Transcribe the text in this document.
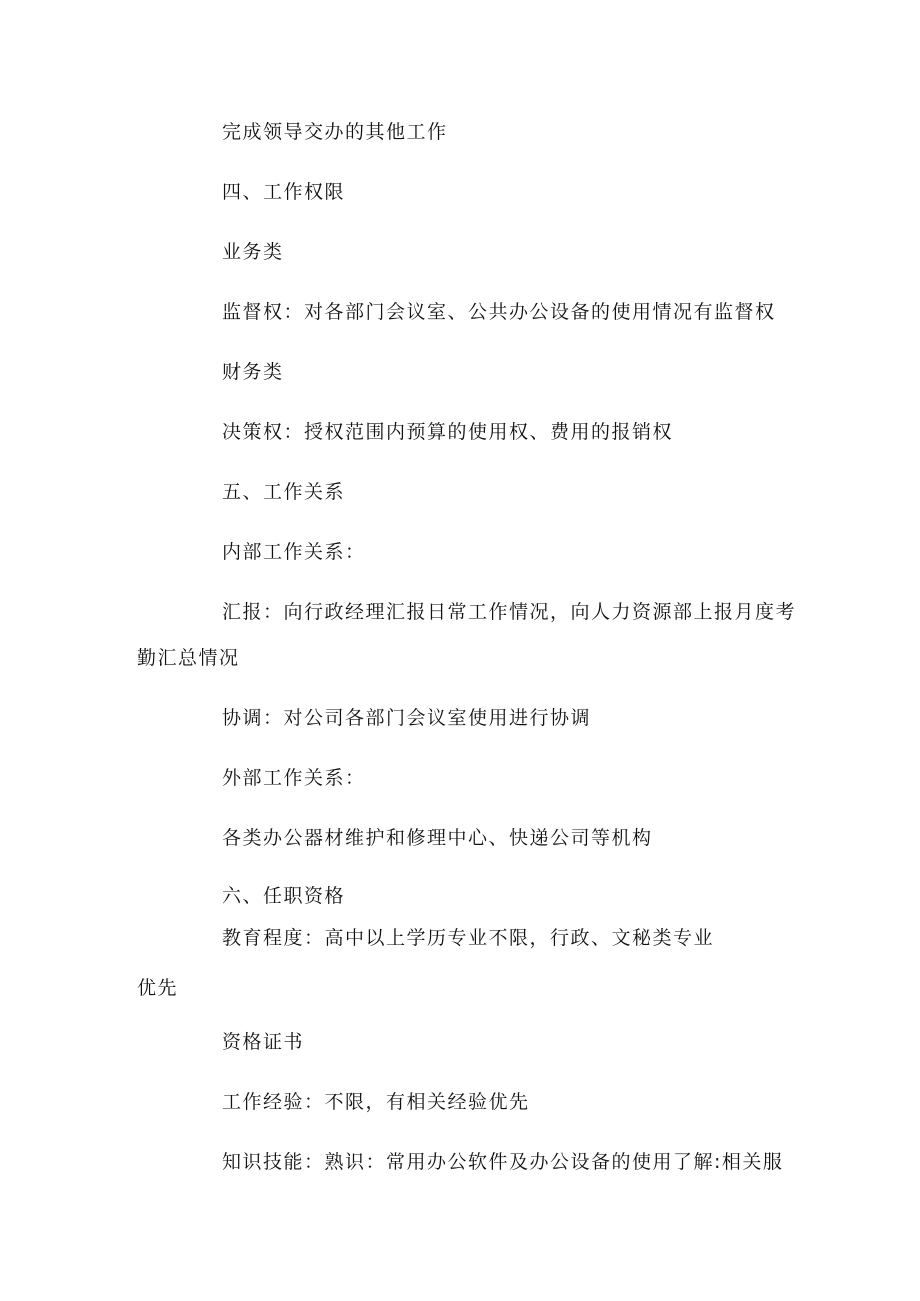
完成领导交办的其他工作
四、工作权限
业务类
监督权：对各部门会议室、公共办公设备的使用情况有监督权
财务类
决策权：授权范围内预算的使用权、费用的报销权
五、工作关系
内部工作关系：
汇报：向行政经理汇报日常工作情况，向人力资源部上报月度考
勤汇总情况
协调：对公司各部门会议室使用进行协调
外部工作关系：
各类办公器材维护和修理中心、快递公司等机构
六、任职资格
教育程度：高中以上学历专业不限，行政、文秘类专业
优先
资格证书
工作经验：不限，有相关经验优先
知识技能：熟识：常用办公软件及办公设备的使用了解:相关服
